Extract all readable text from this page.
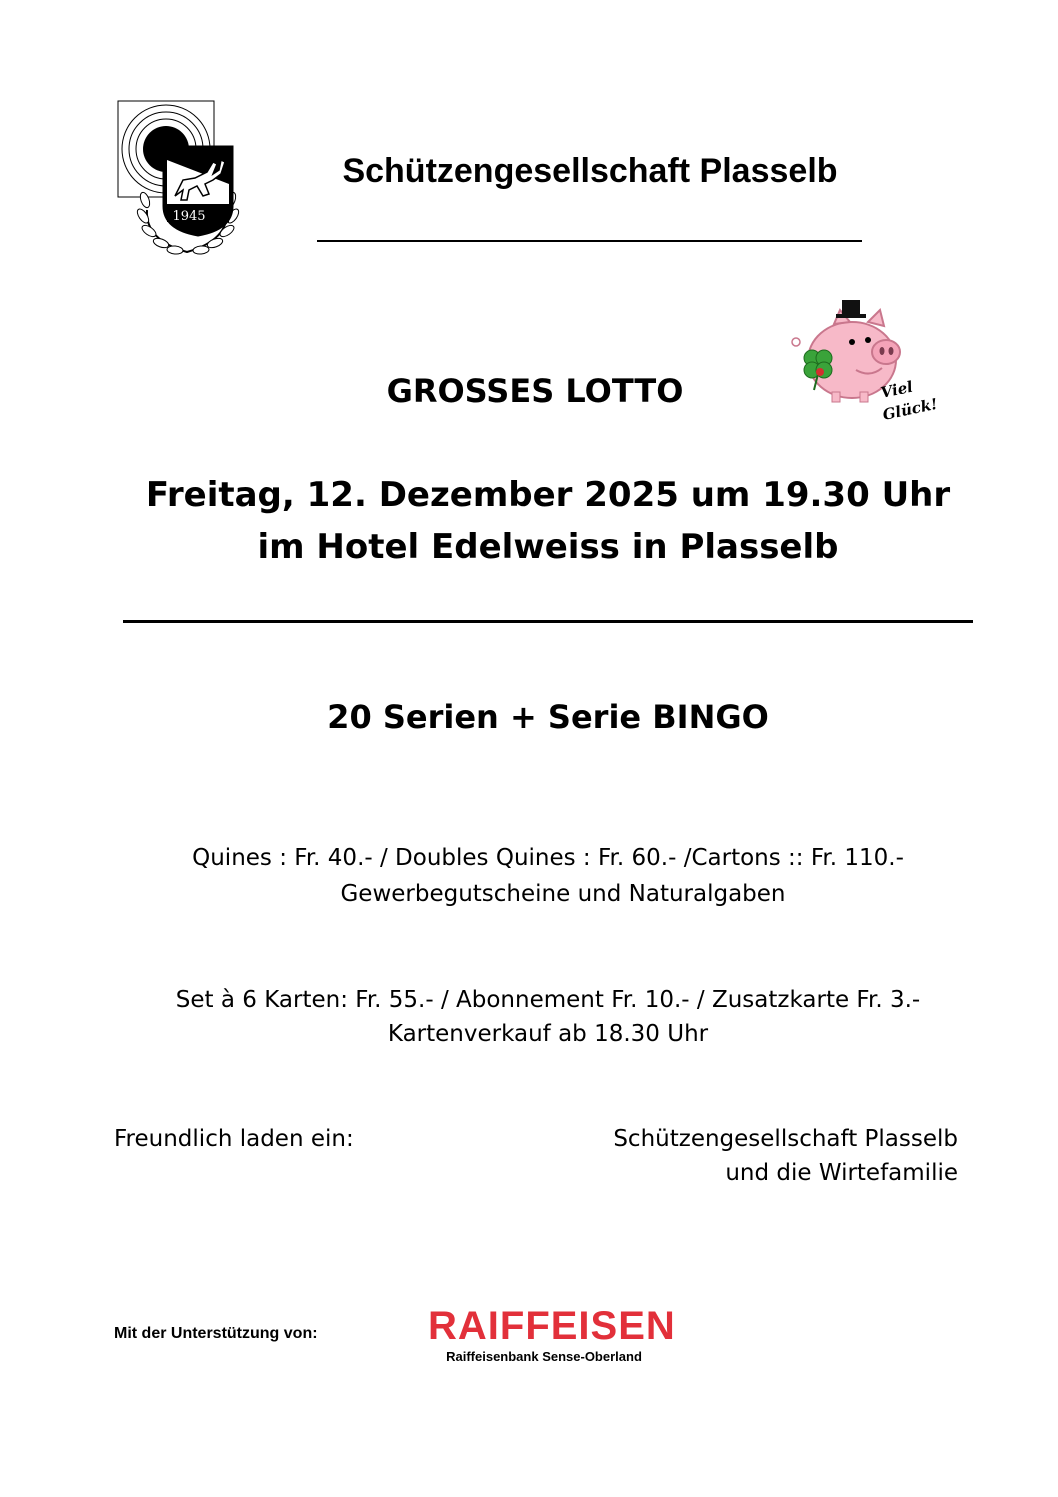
1945
Schützengesellschaft Plasselb
Viel
Glück!
GROSSES LOTTO
Freitag, 12. Dezember 2025 um 19.30 Uhr
im Hotel Edelweiss in Plasselb
20 Serien + Serie BINGO
Quines : Fr. 40.- / Doubles Quines : Fr. 60.- /Cartons :: Fr. 110.-
Gewerbegutscheine und Naturalgaben
Set à 6 Karten: Fr. 55.- / Abonnement Fr. 10.- / Zusatzkarte Fr. 3.-
Kartenverkauf ab 18.30 Uhr
Freundlich laden ein:	Schützengesellschaft Plasselb
und die Wirtefamilie
Mit der Unterstützung von:	RAIFFEISEN
Raiffeisenbank Sense-Oberland
